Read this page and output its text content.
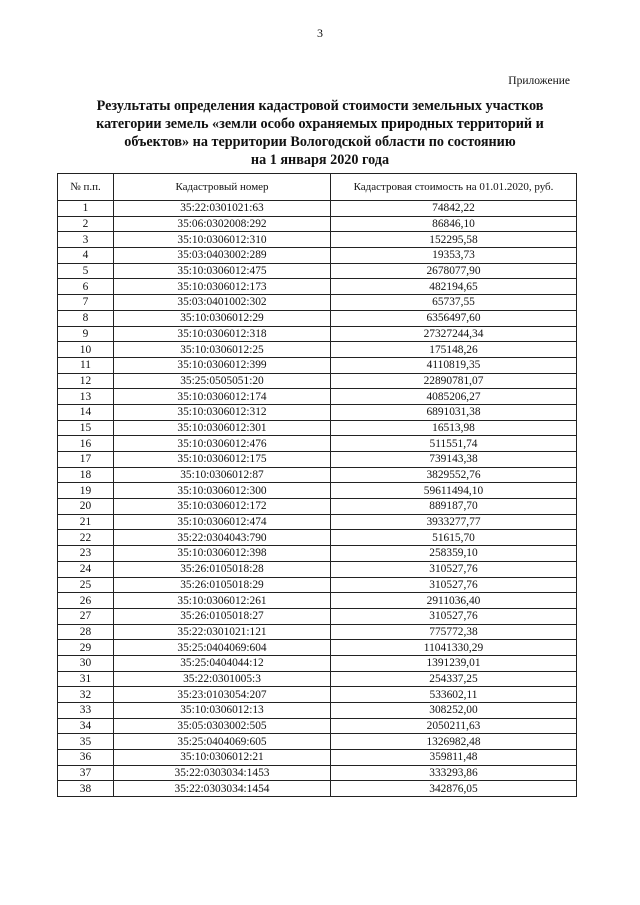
3
Приложение
Результаты определения кадастровой стоимости земельных участков
категории земель «земли особо охраняемых природных территорий и
объектов» на территории Вологодской области по состоянию
на 1 января 2020 года
№ п.п.	Кадастровый номер	Кадастровая стоимость на 01.01.2020, руб.
1	35:22:0301021:63	74842,22
2	35:06:0302008:292	86846,10
3	35:10:0306012:310	152295,58
4	35:03:0403002:289	19353,73
5	35:10:0306012:475	2678077,90
6	35:10:0306012:173	482194,65
7	35:03:0401002:302	65737,55
8	35:10:0306012:29	6356497,60
9	35:10:0306012:318	27327244,34
10	35:10:0306012:25	175148,26
11	35:10:0306012:399	4110819,35
12	35:25:0505051:20	22890781,07
13	35:10:0306012:174	4085206,27
14	35:10:0306012:312	6891031,38
15	35:10:0306012:301	16513,98
16	35:10:0306012:476	511551,74
17	35:10:0306012:175	739143,38
18	35:10:0306012:87	3829552,76
19	35:10:0306012:300	59611494,10
20	35:10:0306012:172	889187,70
21	35:10:0306012:474	3933277,77
22	35:22:0304043:790	51615,70
23	35:10:0306012:398	258359,10
24	35:26:0105018:28	310527,76
25	35:26:0105018:29	310527,76
26	35:10:0306012:261	2911036,40
27	35:26:0105018:27	310527,76
28	35:22:0301021:121	775772,38
29	35:25:0404069:604	11041330,29
30	35:25:0404044:12	1391239,01
31	35:22:0301005:3	254337,25
32	35:23:0103054:207	533602,11
33	35:10:0306012:13	308252,00
34	35:05:0303002:505	2050211,63
35	35:25:0404069:605	1326982,48
36	35:10:0306012:21	359811,48
37	35:22:0303034:1453	333293,86
38	35:22:0303034:1454	342876,05
